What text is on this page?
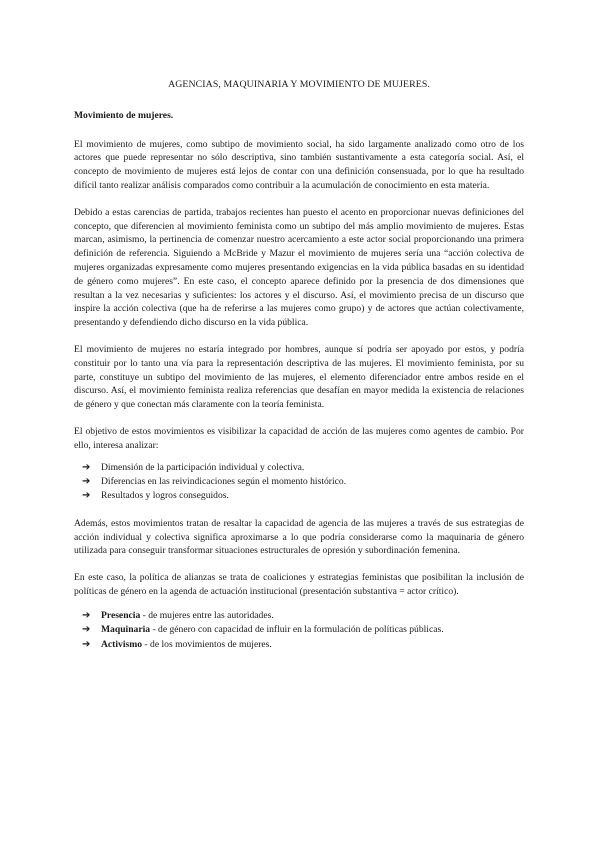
AGENCIAS, MAQUINARIA Y MOVIMIENTO DE MUJERES.
Movimiento de mujeres.

El movimiento de mujeres, como subtipo de movimiento social, ha sido largamente analizado como otro de los actores que puede representar no sólo descriptiva, sino también sustantivamente a esta categoría social. Así, el concepto de movimiento de mujeres está lejos de contar con una definición consensuada, por lo que ha resultado difícil tanto realizar análisis comparados como contribuir a la acumulación de conocimiento en esta materia.

Debido a estas carencias de partida, trabajos recientes han puesto el acento en proporcionar nuevas definiciones del concepto, que diferencien al movimiento feminista como un subtipo del más amplio movimiento de mujeres. Estas marcan, asimismo, la pertinencia de comenzar nuestro acercamiento a este actor social proporcionando una primera definición de referencia. Siguiendo a McBride y Mazur el movimiento de mujeres sería una “acción colectiva de mujeres organizadas expresamente como mujeres presentando exigencias en la vida pública basadas en su identidad de género como mujeres”. En este caso, el concepto aparece definido por la presencia de dos dimensiones que resultan a la vez necesarias y suficientes: los actores y el discurso. Así, el movimiento precisa de un discurso que inspire la acción colectiva (que ha de referirse a las mujeres como grupo) y de actores que actúan colectivamente, presentando y defendiendo dicho discurso en la vida pública.

El movimiento de mujeres no estaría integrado por hombres, aunque sí podría ser apoyado por estos, y podría constituir por lo tanto una vía para la representación descriptiva de las mujeres. El movimiento feminista, por su parte, constituye un subtipo del movimiento de las mujeres, el elemento diferenciador entre ambos reside en el discurso. Así, el movimiento feminista realiza referencias que desafían en mayor medida la existencia de relaciones de género y que conectan más claramente con la teoría feminista.

El objetivo de estos movimientos es visibilizar la capacidad de acción de las mujeres como agentes de cambio. Por ello, interesa analizar:

➔	Dimensión de la participación individual y colectiva.
➔	Diferencias en las reivindicaciones según el momento histórico.
➔	Resultados y logros conseguidos.

Además, estos movimientos tratan de resaltar la capacidad de agencia de las mujeres a través de sus estrategias de acción individual y colectiva significa aproximarse a lo que podría considerarse como la maquinaria de género utilizada para conseguir transformar situaciones estructurales de opresión y subordinación femenina.

En este caso, la política de alianzas se trata de coaliciones y estrategias feministas que posibilitan la inclusión de políticas de género en la agenda de actuación institucional (presentación substantiva = actor crítico).

➔	Presencia - de mujeres entre las autoridades.
➔	Maquinaria - de género con capacidad de influir en la formulación de políticas públicas.
➔	Activismo - de los movimientos de mujeres.
